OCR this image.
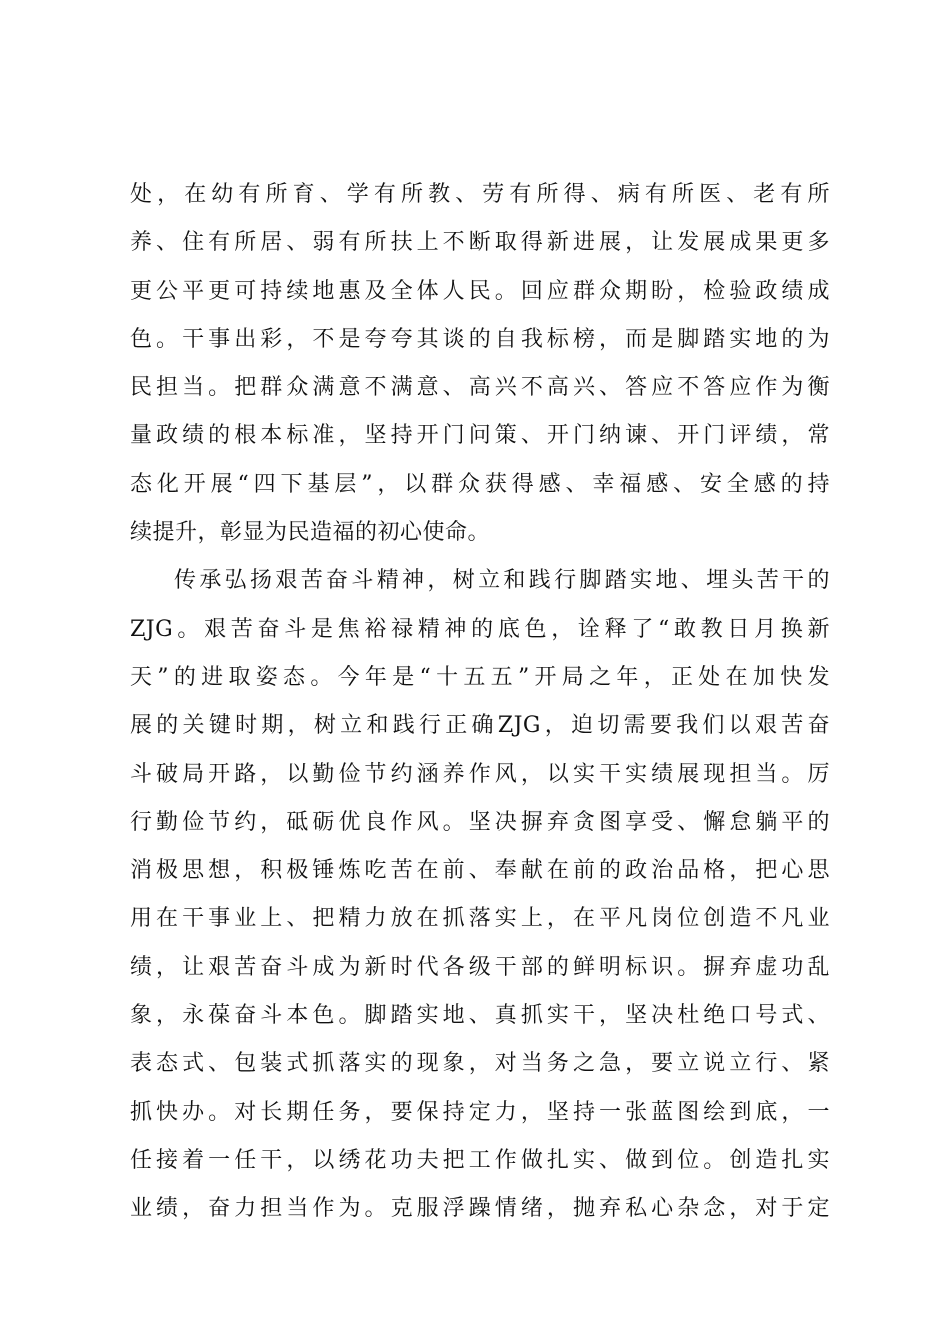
处，在幼有所育、学有所教、劳有所得、病有所医、老有所
养、住有所居、弱有所扶上不断取得新进展，让发展成果更多
更公平更可持续地惠及全体人民。回应群众期盼，检验政绩成
色。干事出彩，不是夸夸其谈的自我标榜，而是脚踏实地的为
民担当。把群众满意不满意、高兴不高兴、答应不答应作为衡
量政绩的根本标准，坚持开门问策、开门纳谏、开门评绩，常
态化开展“四下基层”，以群众获得感、幸福感、安全感的持
续提升，彰显为民造福的初心使命。
传承弘扬艰苦奋斗精神，树立和践行脚踏实地、埋头苦干的
ZJG。艰苦奋斗是焦裕禄精神的底色，诠释了“敢教日月换新
天”的进取姿态。今年是“十五五”开局之年，正处在加快发
展的关键时期，树立和践行正确ZJG，迫切需要我们以艰苦奋
斗破局开路，以勤俭节约涵养作风，以实干实绩展现担当。厉
行勤俭节约，砥砺优良作风。坚决摒弃贪图享受、懈怠躺平的
消极思想，积极锤炼吃苦在前、奉献在前的政治品格，把心思
用在干事业上、把精力放在抓落实上，在平凡岗位创造不凡业
绩，让艰苦奋斗成为新时代各级干部的鲜明标识。摒弃虚功乱
象，永葆奋斗本色。脚踏实地、真抓实干，坚决杜绝口号式、
表态式、包装式抓落实的现象，对当务之急，要立说立行、紧
抓快办。对长期任务，要保持定力，坚持一张蓝图绘到底，一
任接着一任干，以绣花功夫把工作做扎实、做到位。创造扎实
业绩，奋力担当作为。克服浮躁情绪，抛弃私心杂念，对于定
